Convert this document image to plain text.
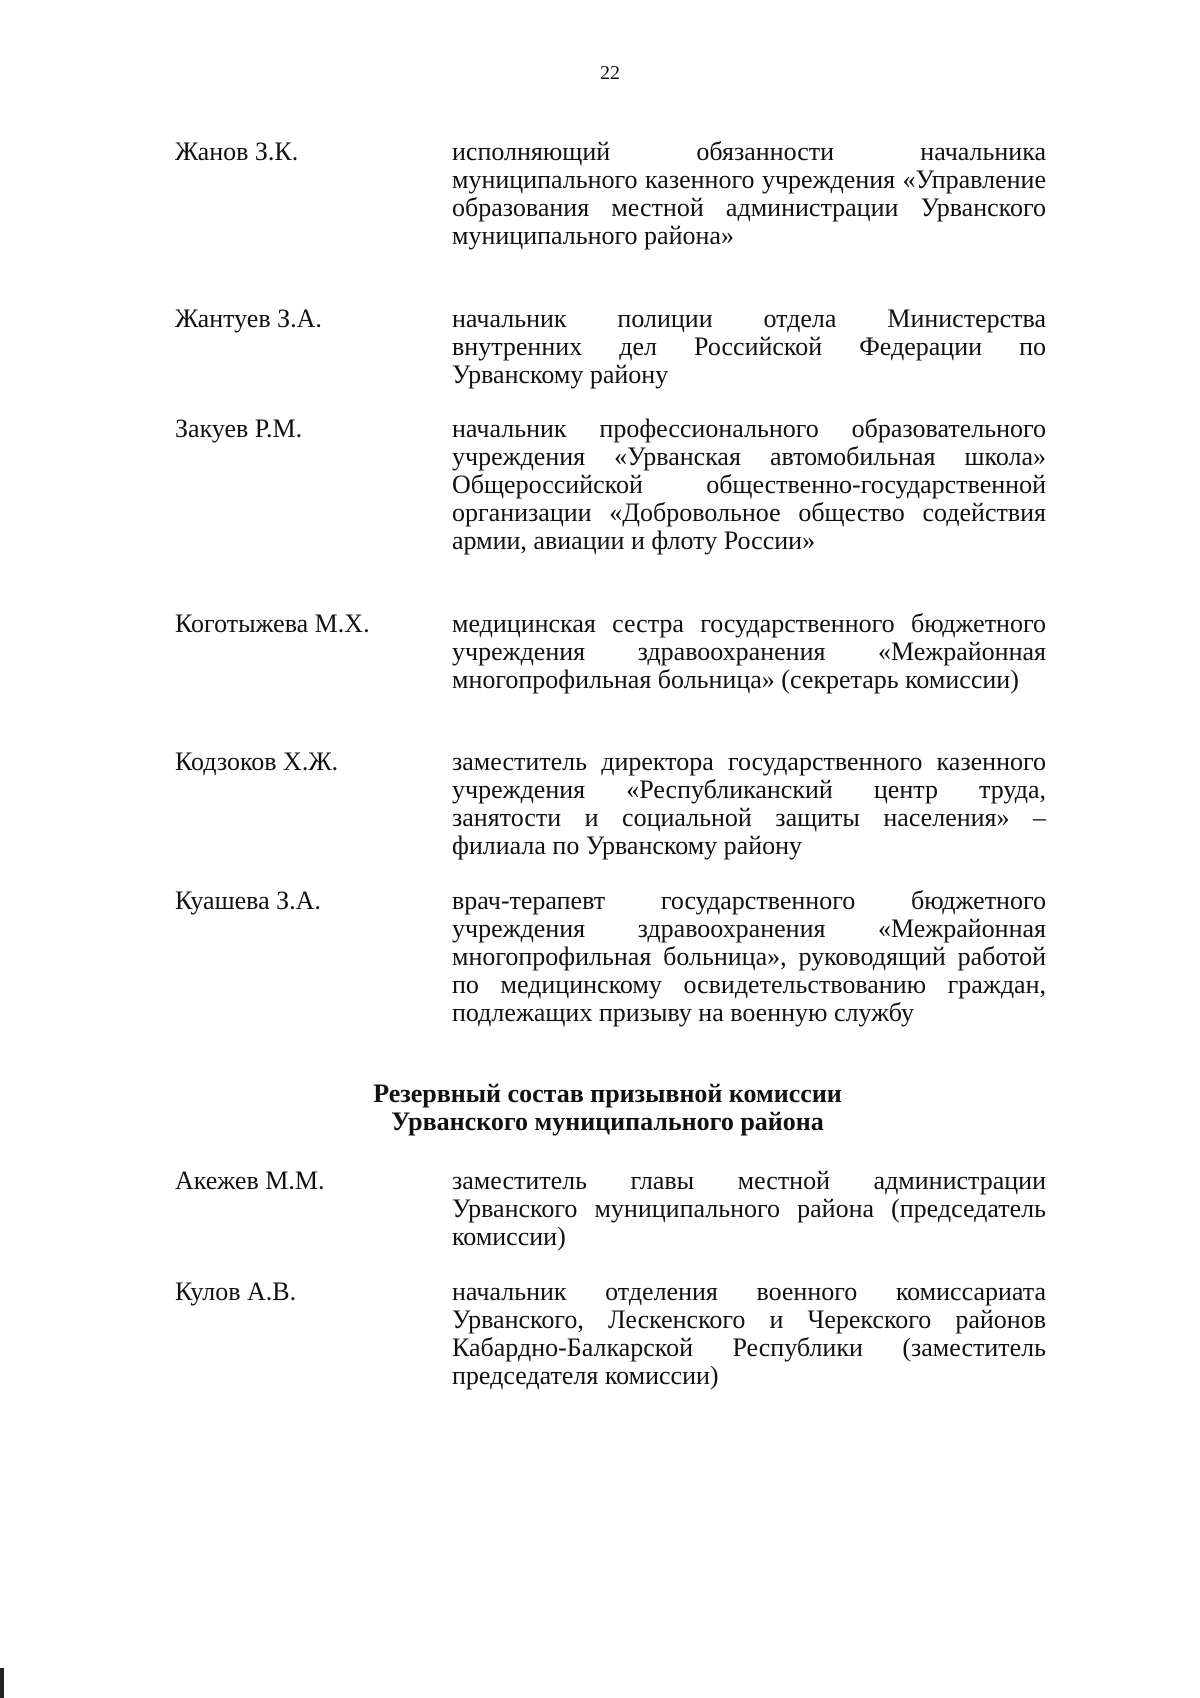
22
Жанов З.К.	исполняющий обязанности начальника муниципального казенного учреждения «Управление образования местной администрации Урванского муниципального района»
Жантуев З.А.	начальник полиции отдела Министерства внутренних дел Российской Федерации по Урванскому району
Закуев Р.М.	начальник профессионального образовательного учреждения «Урванская автомобильная школа» Общероссийской общественно-государственной организации «Добровольное общество содействия армии, авиации и флоту России»
Коготыжева М.Х.	медицинская сестра государственного бюджетного учреждения здравоохранения «Межрайонная многопрофильная больница» (секретарь комиссии)
Кодзоков Х.Ж.	заместитель директора государственного казенного учреждения «Республиканский центр труда, занятости и социальной защиты населения» – филиала по Урванскому району
Куашева З.А.	врач-терапевт государственного бюджетного учреждения здравоохранения «Межрайонная многопрофильная больница», руководящий работой по медицинскому освидетельствованию граждан, подлежащих призыву на военную службу
Резервный состав призывной комиссии
Урванского муниципального района
Акежев М.М.	заместитель главы местной администрации Урванского муниципального района (председатель комиссии)
Кулов А.В.	начальник отделения военного комиссариата Урванского, Лескенского и Черекского районов Кабардно-Балкарской Республики (заместитель председателя комиссии)
